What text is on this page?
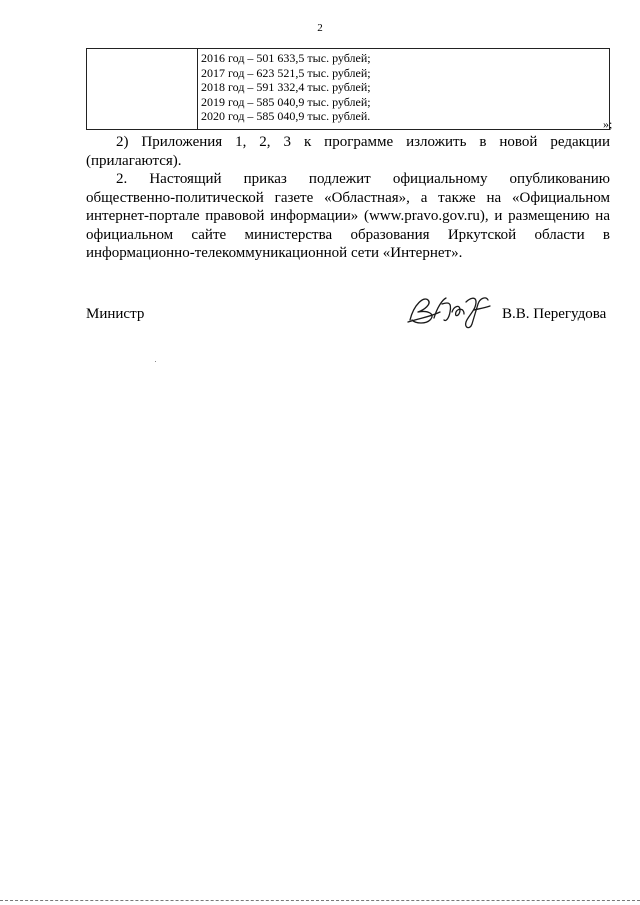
2

2016 год – 501 633,5 тыс. рублей;
2017 год – 623 521,5 тыс. рублей;
2018 год – 591 332,4 тыс. рублей;
2019 год – 585 040,9 тыс. рублей;
2020 год – 585 040,9 тыс. рублей.
»;
2) Приложения 1, 2, 3 к программе изложить в новой редакции (прилагаются).
2. Настоящий приказ подлежит официальному опубликованию общественно-политической газете «Областная», а также на «Официальном интернет-портале правовой информации» (www.pravo.gov.ru), и размещению на официальном сайте министерства образования Иркутской области в информационно-телекоммуникационной сети «Интернет».
Министр	В.В. Перегудова
